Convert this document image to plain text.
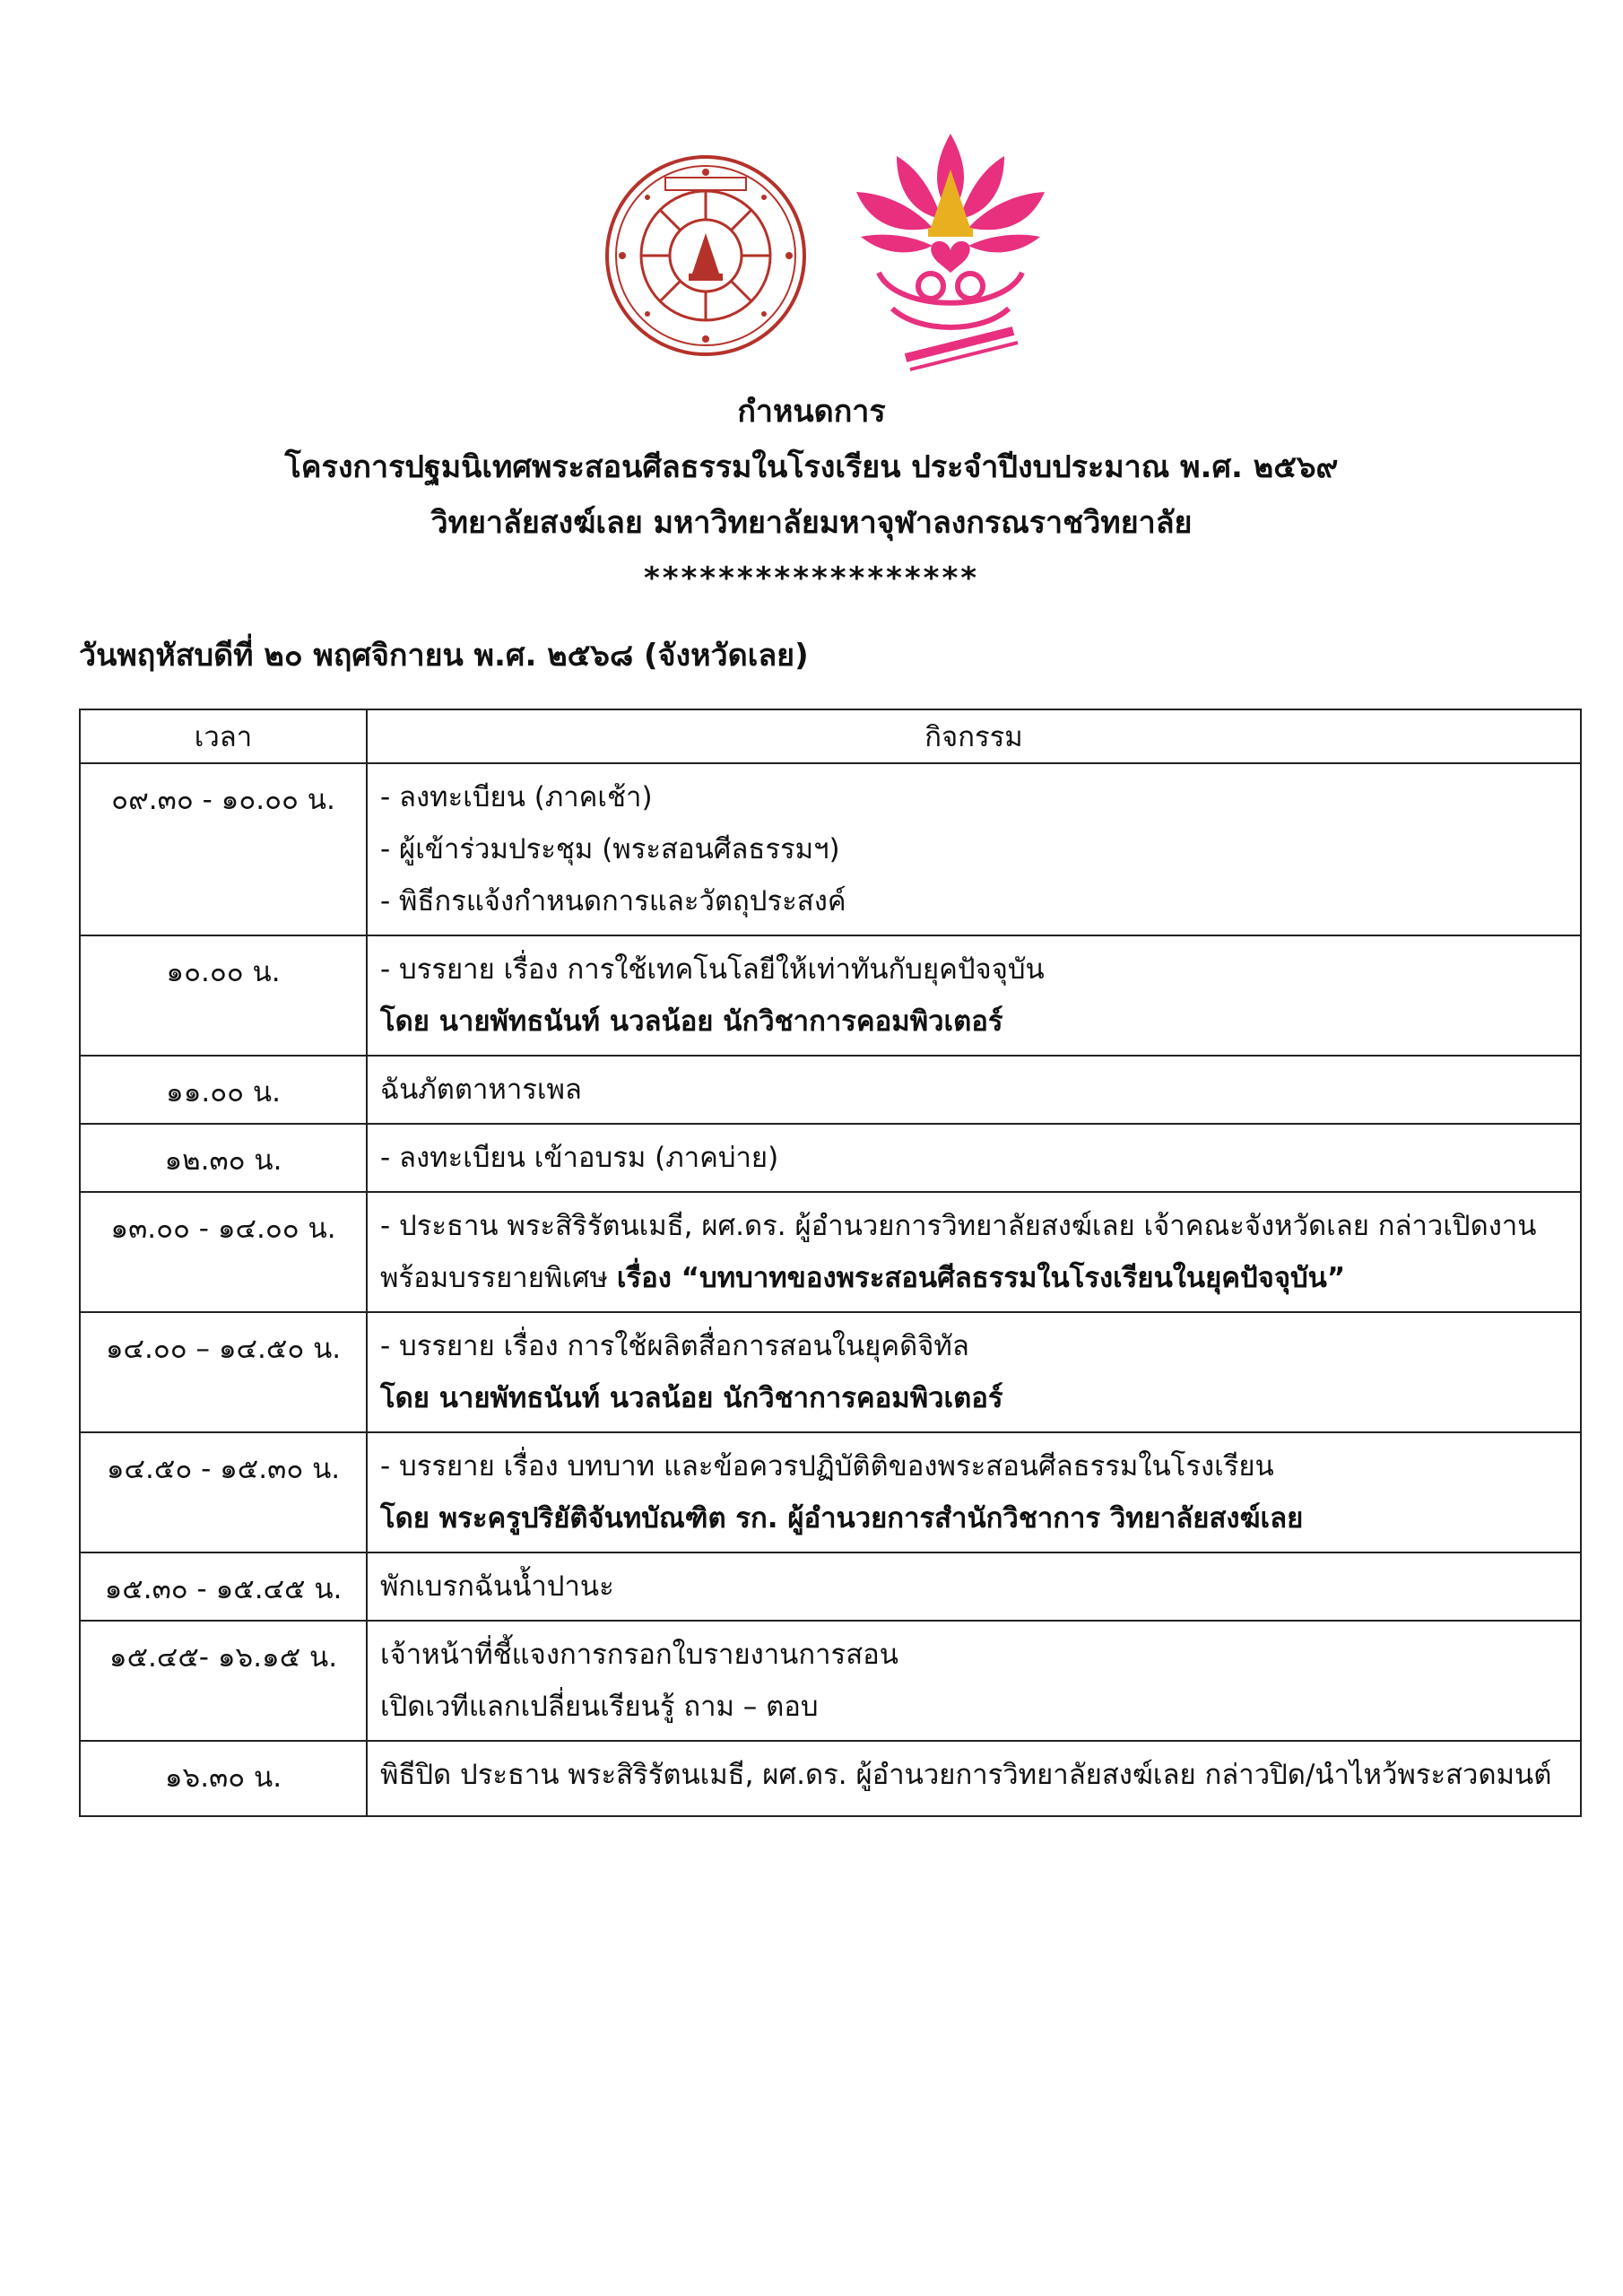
กำหนดการ
โครงการปฐมนิเทศพระสอนศีลธรรมในโรงเรียน ประจำปีงบประมาณ พ.ศ. ๒๕๖๙
วิทยาลัยสงฆ์เลย มหาวิทยาลัยมหาจุฬาลงกรณราชวิทยาลัย
******************
วันพฤหัสบดีที่ ๒๐ พฤศจิกายน พ.ศ. ๒๕๖๘ (จังหวัดเลย)
เวลา	กิจกรรม
๐๙.๓๐ - ๑๐.๐๐ น.	- ลงทะเบียน (ภาคเช้า)
- ผู้เข้าร่วมประชุม (พระสอนศีลธรรมฯ)
- พิธีกรแจ้งกำหนดการและวัตถุประสงค์

๑๐.๐๐ น.	- บรรยาย เรื่อง การใช้เทคโนโลยีให้เท่าทันกับยุคปัจจุบัน
โดย นายพัทธนันท์ นวลน้อย นักวิชาการคอมพิวเตอร์

๑๑.๐๐ น.	ฉันภัตตาหารเพล

๑๒.๓๐ น.	- ลงทะเบียน เข้าอบรม (ภาคบ่าย)

๑๓.๐๐ - ๑๔.๐๐ น.	- ประธาน พระสิริรัตนเมธี, ผศ.ดร. ผู้อำนวยการวิทยาลัยสงฆ์เลย เจ้าคณะจังหวัดเลย กล่าวเปิดงาน
พร้อมบรรยายพิเศษ เรื่อง “บทบาทของพระสอนศีลธรรมในโรงเรียนในยุคปัจจุบัน”

๑๔.๐๐ – ๑๔.๕๐ น.	- บรรยาย เรื่อง การใช้ผลิตสื่อการสอนในยุคดิจิทัล
โดย นายพัทธนันท์ นวลน้อย นักวิชาการคอมพิวเตอร์

๑๔.๕๐ - ๑๕.๓๐ น.	- บรรยาย เรื่อง บทบาท และข้อควรปฏิบัติติของพระสอนศีลธรรมในโรงเรียน
โดย พระครูปริยัติจันทบัณฑิต รก. ผู้อำนวยการสำนักวิชาการ วิทยาลัยสงฆ์เลย

๑๕.๓๐ - ๑๕.๔๕ น.	พักเบรกฉันน้ำปานะ

๑๕.๔๕- ๑๖.๑๕ น.	เจ้าหน้าที่ชี้แจงการกรอกใบรายงานการสอน
เปิดเวทีแลกเปลี่ยนเรียนรู้ ถาม – ตอบ

๑๖.๓๐ น.	พิธีปิด ประธาน พระสิริรัตนเมธี, ผศ.ดร. ผู้อำนวยการวิทยาลัยสงฆ์เลย กล่าวปิด/นำไหว้พระสวดมนต์
